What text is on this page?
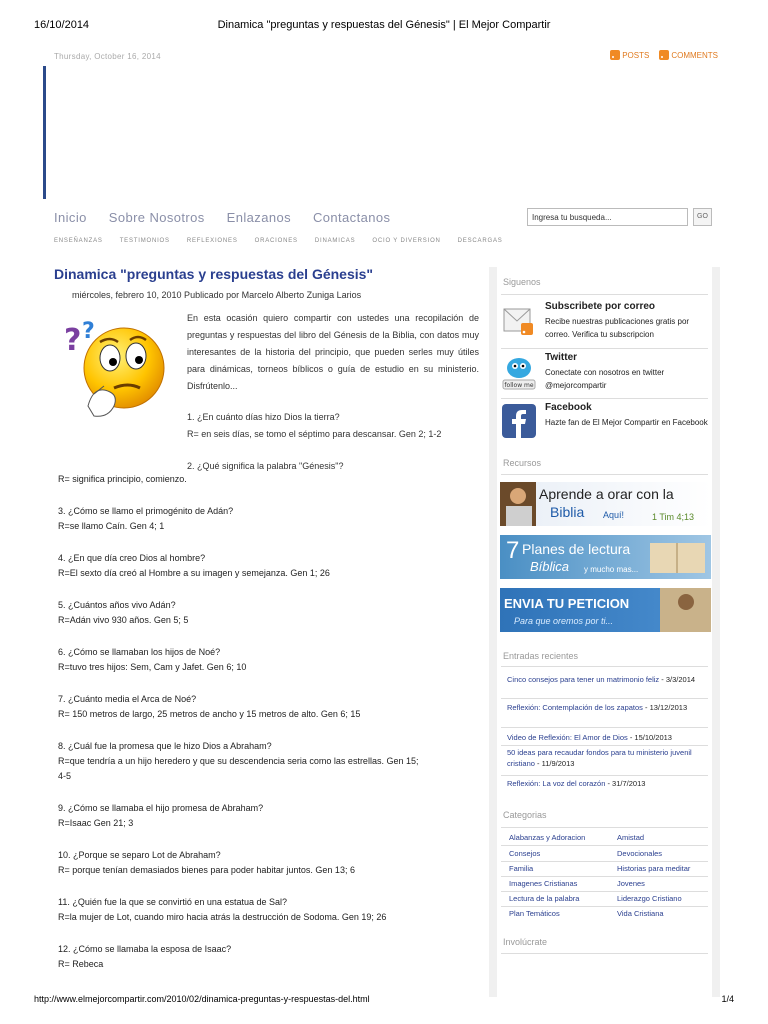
16/10/2014	Dinamica "preguntas y respuestas del Génesis" | El Mejor Compartir
Thursday, October 16, 2014	POSTS	COMMENTS
Inicio Sobre Nosotros Enlazanos Contactanos
Ingresa tu busqueda...	GO
ENSEÑANZAS	TESTIMONIOS	REFLEXIONES	ORACIONES	DINAMICAS	OCIO Y DIVERSION	DESCARGAS
Dinamica "preguntas y respuestas del Génesis"
miércoles, febrero 10, 2010 Publicado por Marcelo Alberto Zuniga Larios
? ?

En esta ocasión quiero compartir con ustedes una recopilación de preguntas y respuestas del libro del Génesis de la Biblia, con datos muy interesantes de la historia del principio, que pueden serles muy útiles para dinámicas, torneos bíblicos o guía de estudio en su ministerio. Disfrútenlo...

1. ¿En cuánto días hizo Dios la tierra?

R= en seis días, se tomo el séptimo para descansar. Gen 2; 1-2

2. ¿Qué significa la palabra "Génesis"?

R= significa principio, comienzo.

3. ¿Cómo se llamo el primogénito de Adán?

R=se llamo Caín. Gen 4; 1

4. ¿En que día creo Dios al hombre?

R=El sexto día creó al Hombre a su imagen y semejanza. Gen 1; 26

5. ¿Cuántos años vivo Adán?

R=Adán vivo 930 años. Gen 5; 5

6. ¿Cómo se llamaban los hijos de Noé?

R=tuvo tres hijos: Sem, Cam y Jafet. Gen 6; 10

7. ¿Cuánto media el Arca de Noé?

R= 150 metros de largo, 25 metros de ancho y 15 metros de alto. Gen 6; 15

8. ¿Cuál fue la promesa que le hizo Dios a Abraham?

R=que tendría a un hijo heredero y que su descendencia seria como las estrellas. Gen 15;

4-5

9. ¿Cómo se llamaba el hijo promesa de Abraham?

R=Isaac Gen 21; 3

10. ¿Porque se separo Lot de Abraham?

R= porque tenían demasiados bienes para poder habitar juntos. Gen 13; 6

11. ¿Quién fue la que se convirtió en una estatua de Sal?

R=la mujer de Lot, cuando miro hacia atrás la destrucción de Sodoma. Gen 19; 26

12. ¿Cómo se llamaba la esposa de Isaac?

R= Rebeca

Siguenos
Subscribete por correo
Recibe nuestras publicaciones gratis por correo. Verifica tu subscripcion
follow me
Twitter
Conectate con nosotros en twitter @mejorcompartir
Facebook
Hazte fan de El Mejor Compartir en Facebook
Recursos
Aprende a orar con la
Biblia Aquí!	1 Tim 4;13
7 Planes de lectura
Bíblica y mucho mas...
ENVIA TU PETICION
Para que oremos por ti...
Entradas recientes
Cinco consejos para tener un matrimonio feliz - 3/3/2014
Reflexión: Contemplación de los zapatos - 13/12/2013
Video de Reflexión: El Amor de Dios - 15/10/2013
50 ideas para recaudar fondos para tu ministerio juvenil cristiano - 11/9/2013
Reflexión: La voz del corazón - 31/7/2013
Categorias
Alabanzas y Adoracion	Amistad
Consejos	Devocionales
Familia	Historias para meditar
Imagenes Cristianas	Jovenes
Lectura de la palabra	Liderazgo Cristiano
Plan Temáticos	Vida Cristiana
Involúcrate
http://www.elmejorcompartir.com/2010/02/dinamica-preguntas-y-respuestas-del.html	1/4
